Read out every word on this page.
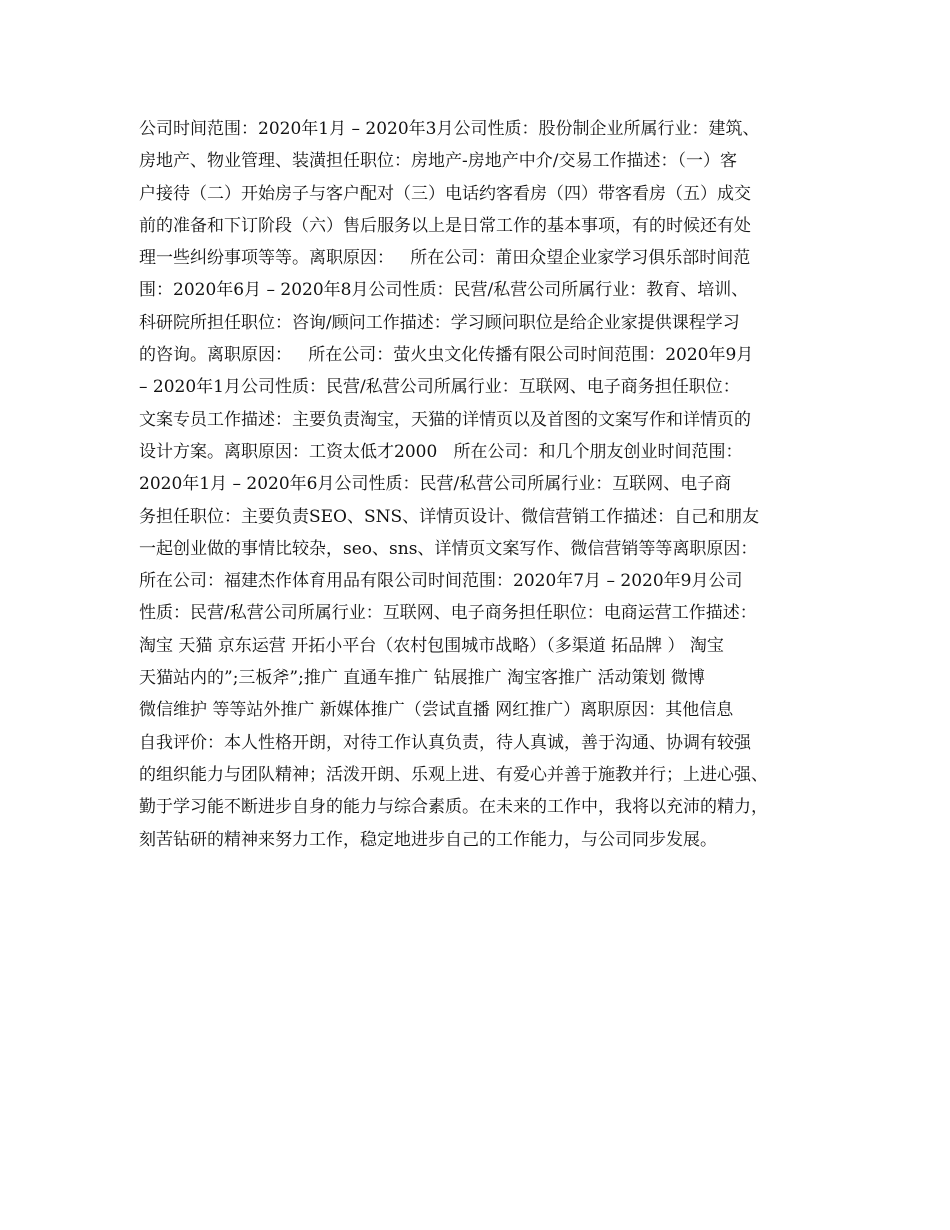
公司时间范围：2020年1月 – 2020年3月公司性质：股份制企业所属行业：建筑、
房地产、物业管理、装潢担任职位：房地产-房地产中介/交易工作描述：（一）客
户接待（二）开始房子与客户配对（三）电话约客看房（四）带客看房（五）成交
前的准备和下订阶段（六）售后服务以上是日常工作的基本事项，有的时候还有处
理一些纠纷事项等等。离职原因：   所在公司：莆田众望企业家学习俱乐部时间范
围：2020年6月 – 2020年8月公司性质：民营/私营公司所属行业：教育、培训、
科研院所担任职位：咨询/顾问工作描述：学习顾问职位是给企业家提供课程学习
的咨询。离职原因：   所在公司：萤火虫文化传播有限公司时间范围：2020年9月
– 2020年1月公司性质：民营/私营公司所属行业：互联网、电子商务担任职位：
文案专员工作描述：主要负责淘宝，天猫的详情页以及首图的文案写作和详情页的
设计方案。离职原因：工资太低才2000   所在公司：和几个朋友创业时间范围：
2020年1月 – 2020年6月公司性质：民营/私营公司所属行业：互联网、电子商
务担任职位：主要负责SEO、SNS、详情页设计、微信营销工作描述：自己和朋友
一起创业做的事情比较杂，seo、sns、详情页文案写作、微信营销等等离职原因：
所在公司：福建杰作体育用品有限公司时间范围：2020年7月 – 2020年9月公司
性质：民营/私营公司所属行业：互联网、电子商务担任职位：电商运营工作描述：
淘宝 天猫 京东运营 开拓小平台（农村包围城市战略）（多渠道 拓品牌 ） 淘宝
天猫站内的”;三板斧”;推广 直通车推广 钻展推广 淘宝客推广 活动策划 微博
微信维护 等等站外推广 新媒体推广（尝试直播 网红推广）离职原因：其他信息
自我评价：本人性格开朗，对待工作认真负责，待人真诚，善于沟通、协调有较强
的组织能力与团队精神；活泼开朗、乐观上进、有爱心并善于施教并行；上进心强、
勤于学习能不断进步自身的能力与综合素质。在未来的工作中，我将以充沛的精力，
刻苦钻研的精神来努力工作，稳定地进步自己的工作能力，与公司同步发展。
